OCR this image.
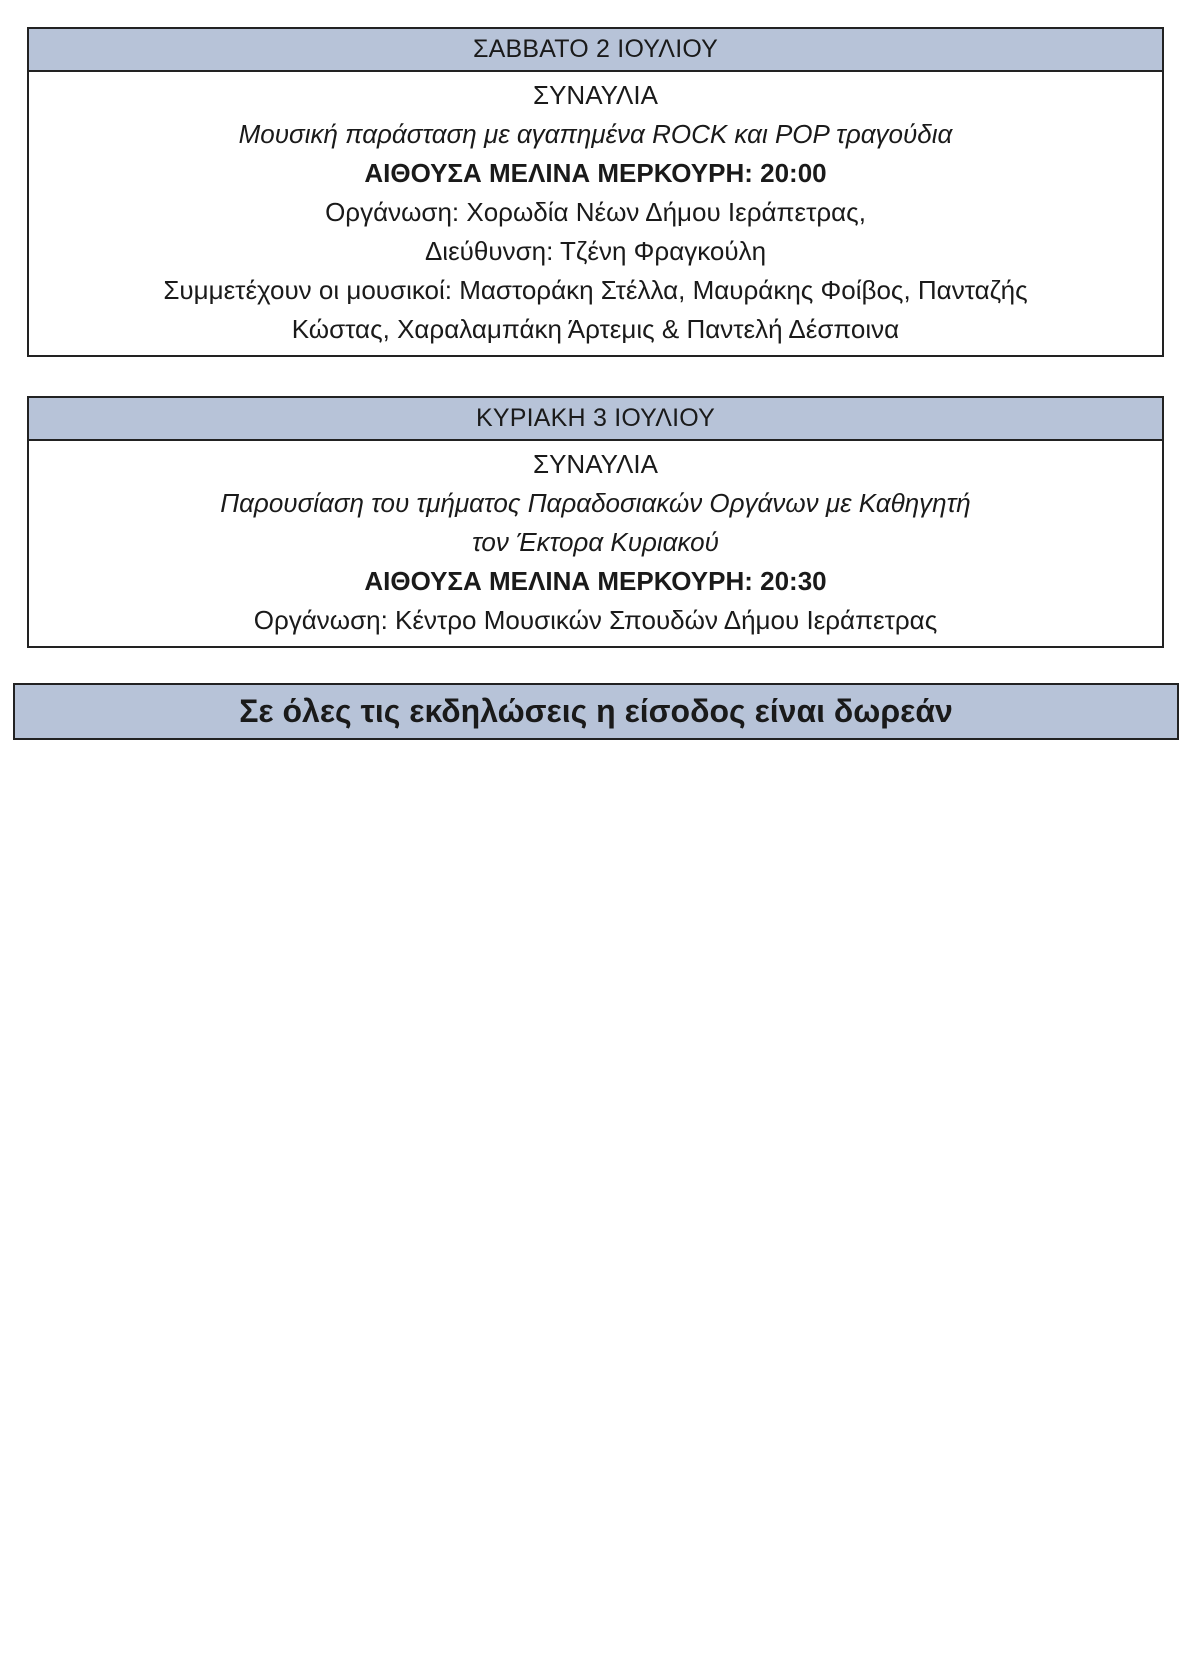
ΣΑΒΒΑΤΟ 2 ΙΟΥΛΙΟΥ
ΣΥΝΑΥΛΙΑ
Μουσική παράσταση με αγαπημένα ROCK και POP τραγούδια
ΑΙΘΟΥΣΑ ΜΕΛΙΝΑ ΜΕΡΚΟΥΡΗ: 20:00
Οργάνωση: Χορωδία Νέων Δήμου Ιεράπετρας,
Διεύθυνση: Τζένη Φραγκούλη
Συμμετέχουν οι μουσικοί: Μαστοράκη Στέλλα, Μαυράκης Φοίβος, Πανταζής
Κώστας, Χαραλαμπάκη Άρτεμις & Παντελή Δέσποινα
ΚΥΡΙΑΚΗ 3 ΙΟΥΛΙΟΥ
ΣΥΝΑΥΛΙΑ
Παρουσίαση του τμήματος Παραδοσιακών Οργάνων με Καθηγητή
τον Έκτορα Κυριακού
ΑΙΘΟΥΣΑ ΜΕΛΙΝΑ ΜΕΡΚΟΥΡΗ: 20:30
Οργάνωση: Κέντρο Μουσικών Σπουδών Δήμου Ιεράπετρας
Σε όλες τις εκδηλώσεις η είσοδος είναι δωρεάν
